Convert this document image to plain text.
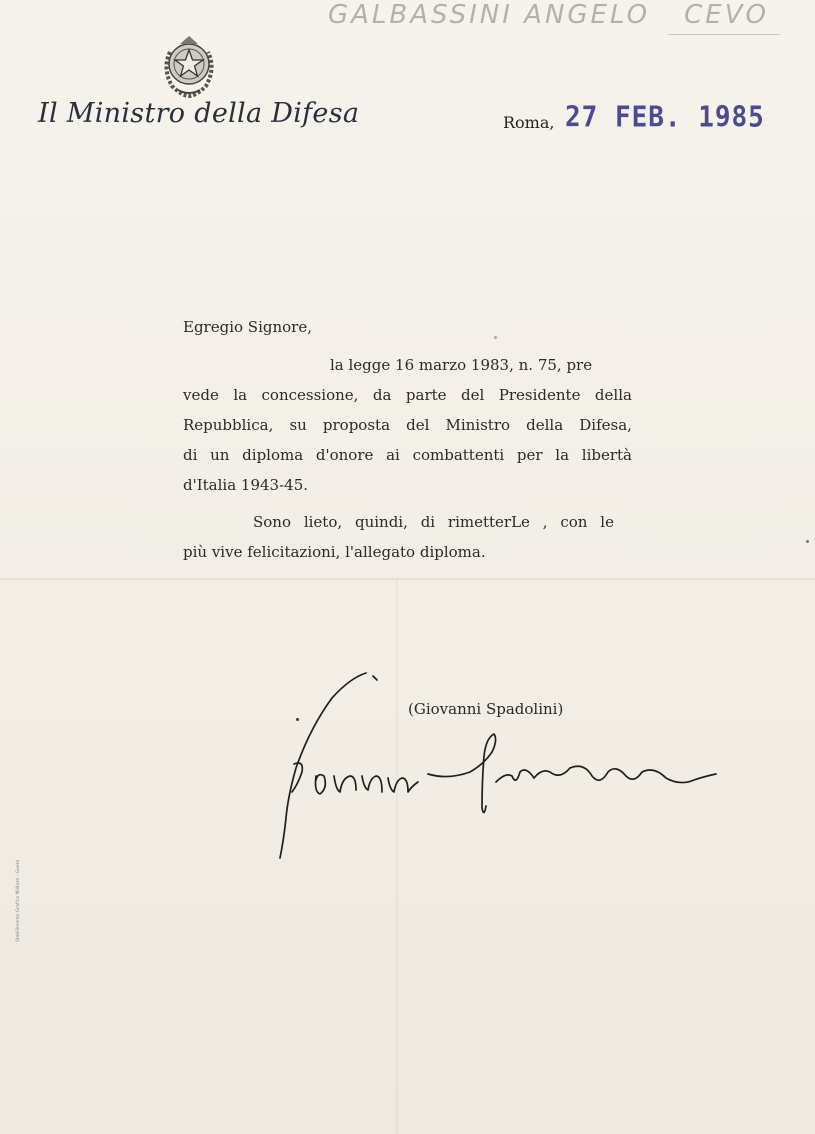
GALBASSINI ANGELO CEVO
Il Ministro della Difesa	Roma, 27 FEB. 1985
Egregio Signore,
la legge 16 marzo 1983, n. 75, pre
vede la concessione, da parte del Presidente della
Repubblica, su proposta del Ministro della Difesa,
di un diploma d'onore ai combattenti per la libertà
d'Italia 1943-45.
Sono lieto, quindi, di rimetterLe , con le
più vive felicitazioni, l'allegato diploma.
(Giovanni Spadolini)
Stabilimento Grafico Militare - Gaeta
